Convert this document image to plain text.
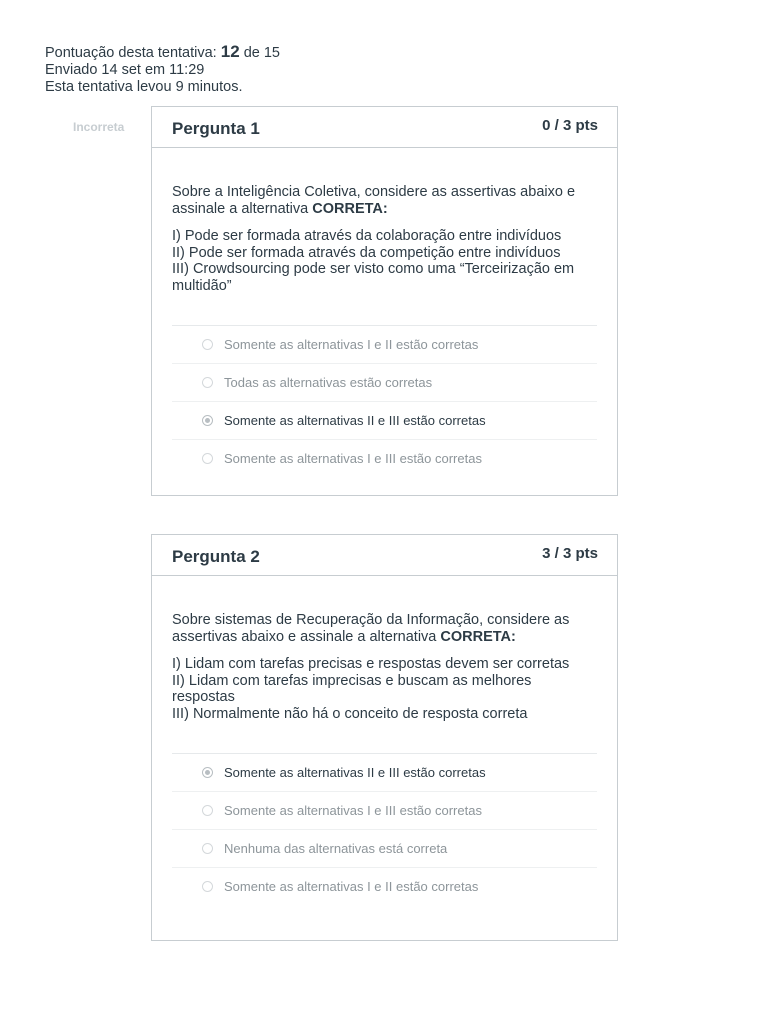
Pontuação desta tentativa: 12 de 15
Enviado 14 set em 11:29
Esta tentativa levou 9 minutos.
Incorreta	Pergunta 1	0 / 3 pts

Sobre a Inteligência Coletiva, considere as assertivas abaixo e assinale a alternativa CORRETA:

I) Pode ser formada através da colaboração entre indivíduos
II) Pode ser formada através da competição entre indivíduos
III) Crowdsourcing pode ser visto como uma “Terceirização em multidão”
Somente as alternativas I e II estão corretas
Todas as alternativas estão corretas
Somente as alternativas II e III estão corretas
Somente as alternativas I e III estão corretas
Pergunta 2	3 / 3 pts

Sobre sistemas de Recuperação da Informação, considere as assertivas abaixo e assinale a alternativa CORRETA:

I) Lidam com tarefas precisas e respostas devem ser corretas
II) Lidam com tarefas imprecisas e buscam as melhores respostas
III) Normalmente não há o conceito de resposta correta
Somente as alternativas II e III estão corretas
Somente as alternativas I e III estão corretas
Nenhuma das alternativas está correta
Somente as alternativas I e II estão corretas
